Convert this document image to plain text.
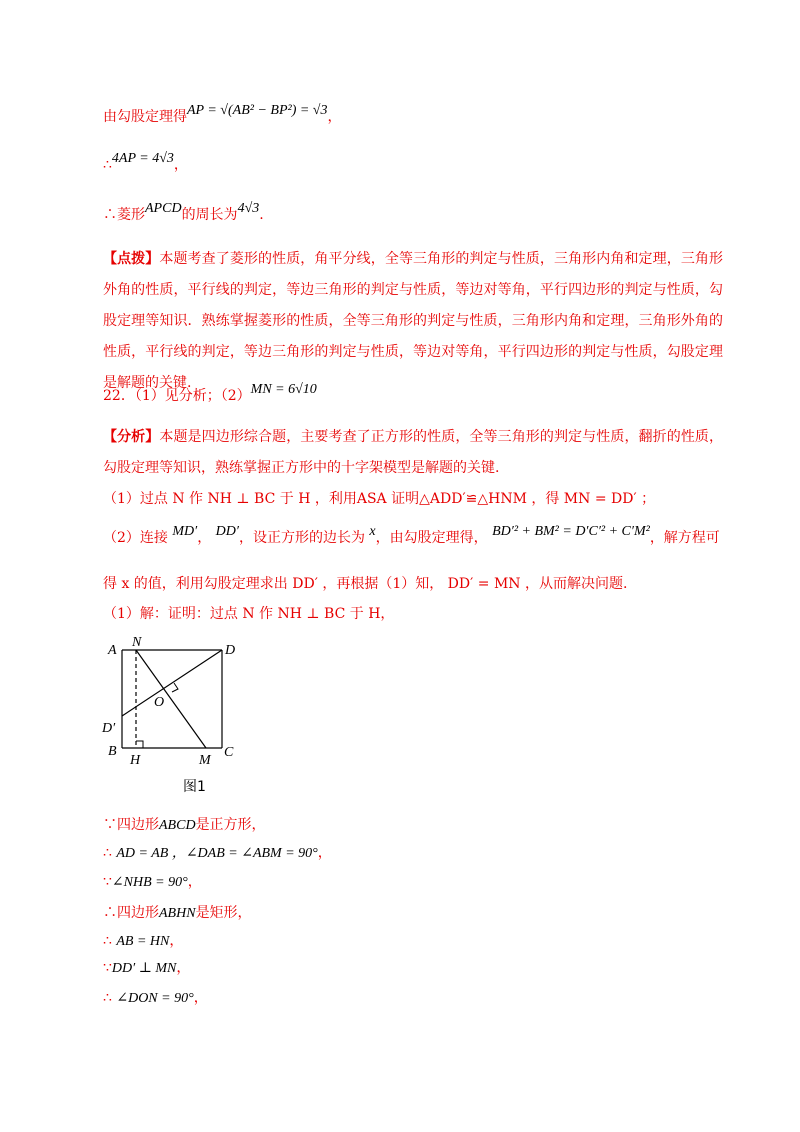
由勾股定理得AP = √(AB² − BP²) = √3，
∴4AP = 4√3，
∴菱形APCD的周长为4√3.
【点拨】本题考查了菱形的性质，角平分线，全等三角形的判定与性质，三角形内角和定理，三角形外角的性质，平行线的判定，等边三角形的判定与性质，等边对等角，平行四边形的判定与性质，勾股定理等知识．熟练掌握菱形的性质，全等三角形的判定与性质，三角形内角和定理，三角形外角的性质，平行线的判定，等边三角形的判定与性质，等边对等角，平行四边形的判定与性质，勾股定理是解题的关键.
22．（1）见分析；（2）MN = 6√10
【分析】本题是四边形综合题，主要考查了正方形的性质，全等三角形的判定与性质，翻折的性质，勾股定理等知识，熟练掌握正方形中的十字架模型是解题的关键.
（1）过点 N 作 NH ⊥ BC 于 H ，利用ASA 证明△ADD′≌△HNM ，得 MN = DD′ ；
（2）连接 MD′， DD′，设正方形的边长为 x，由勾股定理得， BD′² + BM² = D′C′² + C′M²，解方程可
得 x 的值，利用勾股定理求出 DD′ ，再根据（1）知， DD′ = MN ，从而解决问题.
（1）解：证明：过点 N 作 NH ⊥ BC 于 H，
A
N
D
O
D′
B
H	M
C
图1
∵四边形ABCD是正方形，
∴ AD = AB ，∠DAB = ∠ABM = 90°，
∵∠NHB = 90°，
∴四边形ABHN是矩形，
∴ AB = HN，
∵DD′ ⊥ MN，
∴ ∠DON = 90°，
